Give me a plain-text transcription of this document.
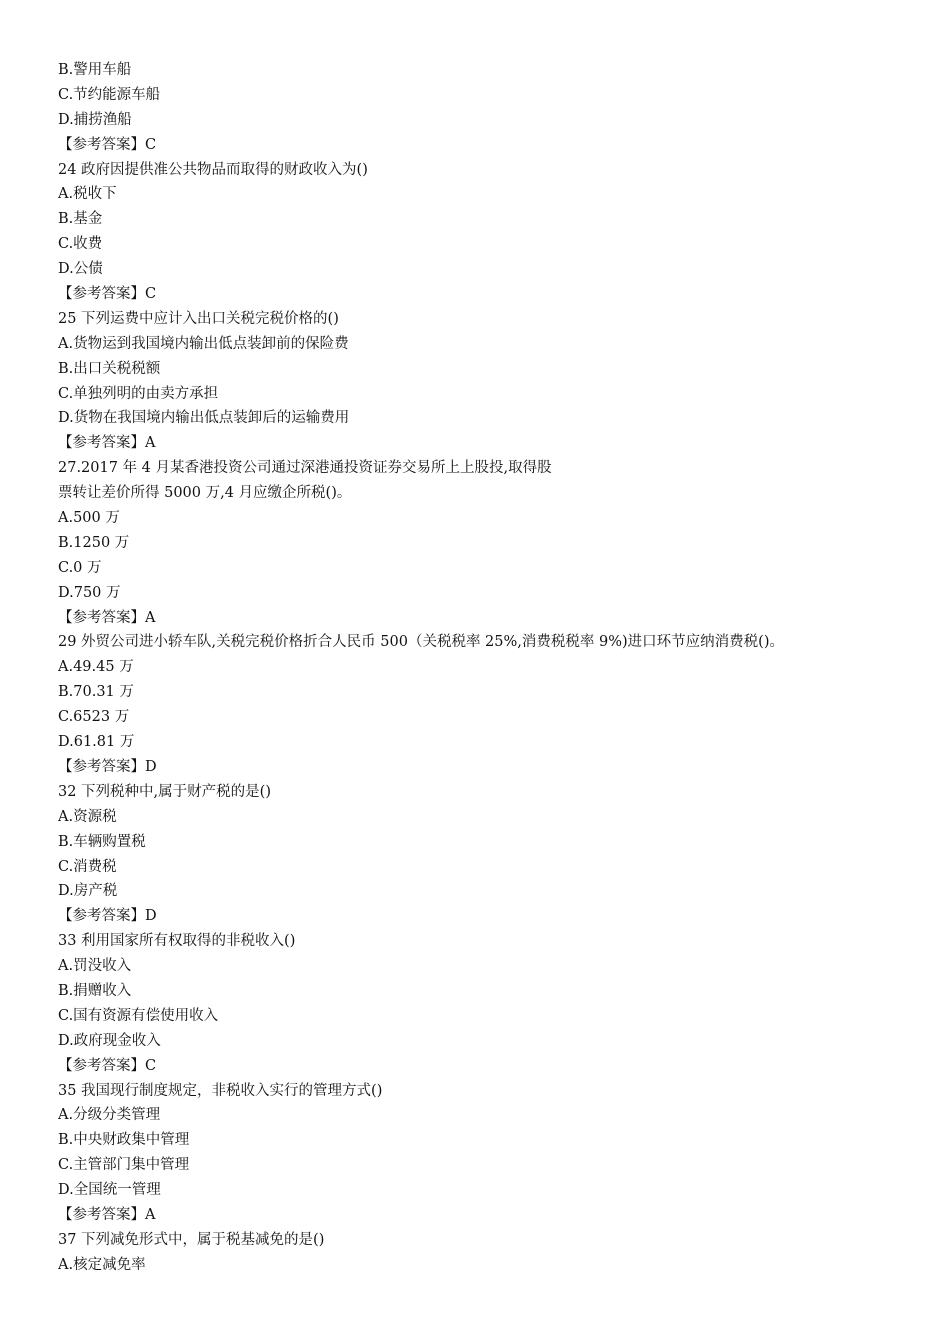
B.警用车船
C.节约能源车船
D.捕捞渔船
【参考答案】C
24 政府因提供准公共物品而取得的财政收入为()
A.税收下
B.基金
C.收费
D.公债
【参考答案】C
25 下列运费中应计入出口关税完税价格的()
A.货物运到我国境内输出低点装卸前的保险费
B.出口关税税额
C.单独列明的由卖方承担
D.货物在我国境内输出低点装卸后的运输费用
【参考答案】A
27.2017 年 4 月某香港投资公司通过深港通投资证券交易所上上股投,取得股
票转让差价所得 5000 万,4 月应缴企所税()。
A.500 万
B.1250 万
C.0 万
D.750 万
【参考答案】A
29 外贸公司进小轿车队,关税完税价格折合人民币 500（关税税率 25%,消费税税率 9%)进口环节应纳消费税()。
A.49.45 万
B.70.31 万
C.6523 万
D.61.81 万
【参考答案】D
32 下列税种中,属于财产税的是()
A.资源税
B.车辆购置税
C.消费税
D.房产税
【参考答案】D
33 利用国家所有权取得的非税收入()
A.罚没收入
B.捐赠收入
C.国有资源有偿使用收入
D.政府现金收入
【参考答案】C
35 我国现行制度规定，非税收入实行的管理方式()
A.分级分类管理
B.中央财政集中管理
C.主管部门集中管理
D.全国统一管理
【参考答案】A
37 下列减免形式中，属于税基减免的是()
A.核定减免率
